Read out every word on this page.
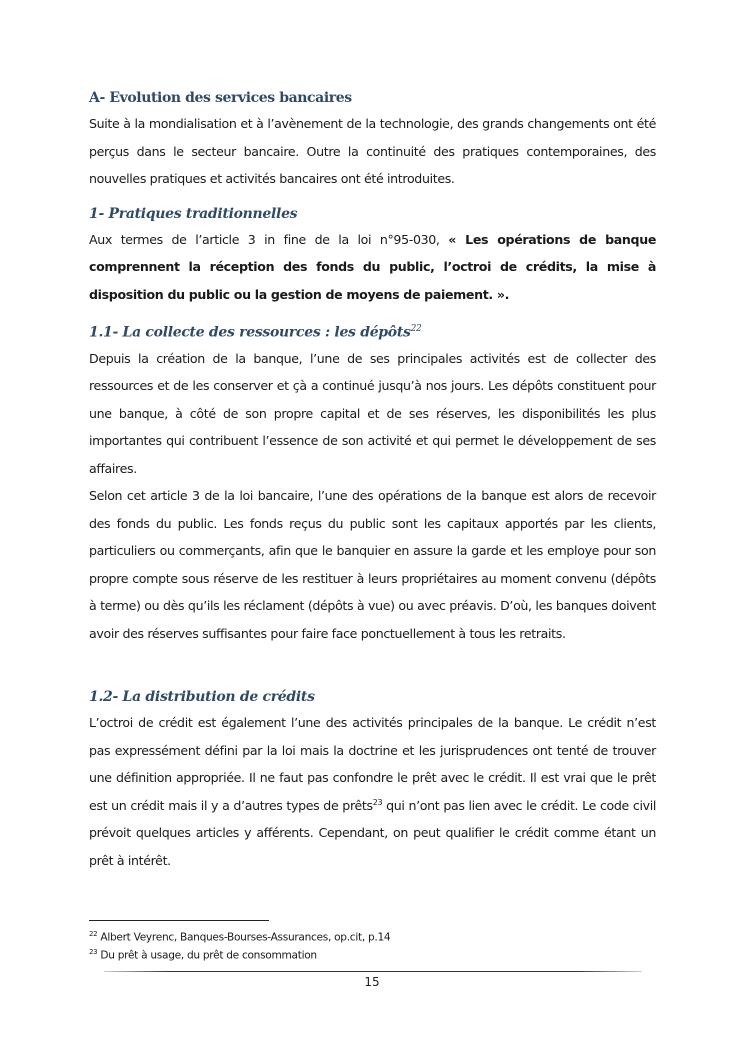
A- Evolution des services bancaires

Suite à la mondialisation et à l’avènement de la technologie, des grands changements ont été perçus dans le secteur bancaire. Outre la continuité des pratiques contemporaines, des nouvelles pratiques et activités bancaires ont été introduites.

1- Pratiques traditionnelles

Aux termes de l’article 3 in fine de la loi n°95-030, « Les opérations de banque comprennent la réception des fonds du public, l’octroi de crédits, la mise à disposition du public ou la gestion de moyens de paiement. ».

1.1- La collecte des ressources : les dépôts$^{22}$

Depuis la création de la banque, l’une de ses principales activités est de collecter des ressources et de les conserver et çà a continué jusqu’à nos jours. Les dépôts constituent pour une banque, à côté de son propre capital et de ses réserves, les disponibilités les plus importantes qui contribuent l’essence de son activité et qui permet le développement de ses affaires.

Selon cet article 3 de la loi bancaire, l’une des opérations de la banque est alors de recevoir des fonds du public. Les fonds reçus du public sont les capitaux apportés par les clients, particuliers ou commerçants, afin que le banquier en assure la garde et les employe pour son propre compte sous réserve de les restituer à leurs propriétaires au moment convenu (dépôts à terme) ou dès qu’ils les réclament (dépôts à vue) ou avec préavis. D’où, les banques doivent avoir des réserves suffisantes pour faire face ponctuellement à tous les retraits.

1.2- La distribution de crédits

L’octroi de crédit est également l’une des activités principales de la banque. Le crédit n’est pas expressément défini par la loi mais la doctrine et les jurisprudences ont tenté de trouver une définition appropriée. Il ne faut pas confondre le prêt avec le crédit. Il est vrai que le prêt est un crédit mais il y a d’autres types de prêts$^{23}$ qui n’ont pas lien avec le crédit. Le code civil prévoit quelques articles y afférents. Cependant, on peut qualifier le crédit comme étant un prêt à intérêt.

$^{22}$ Albert Veyrenc, Banques-Bourses-Assurances, op.cit, p.14
$^{23}$ Du prêt à usage, du prêt de consommation
15
